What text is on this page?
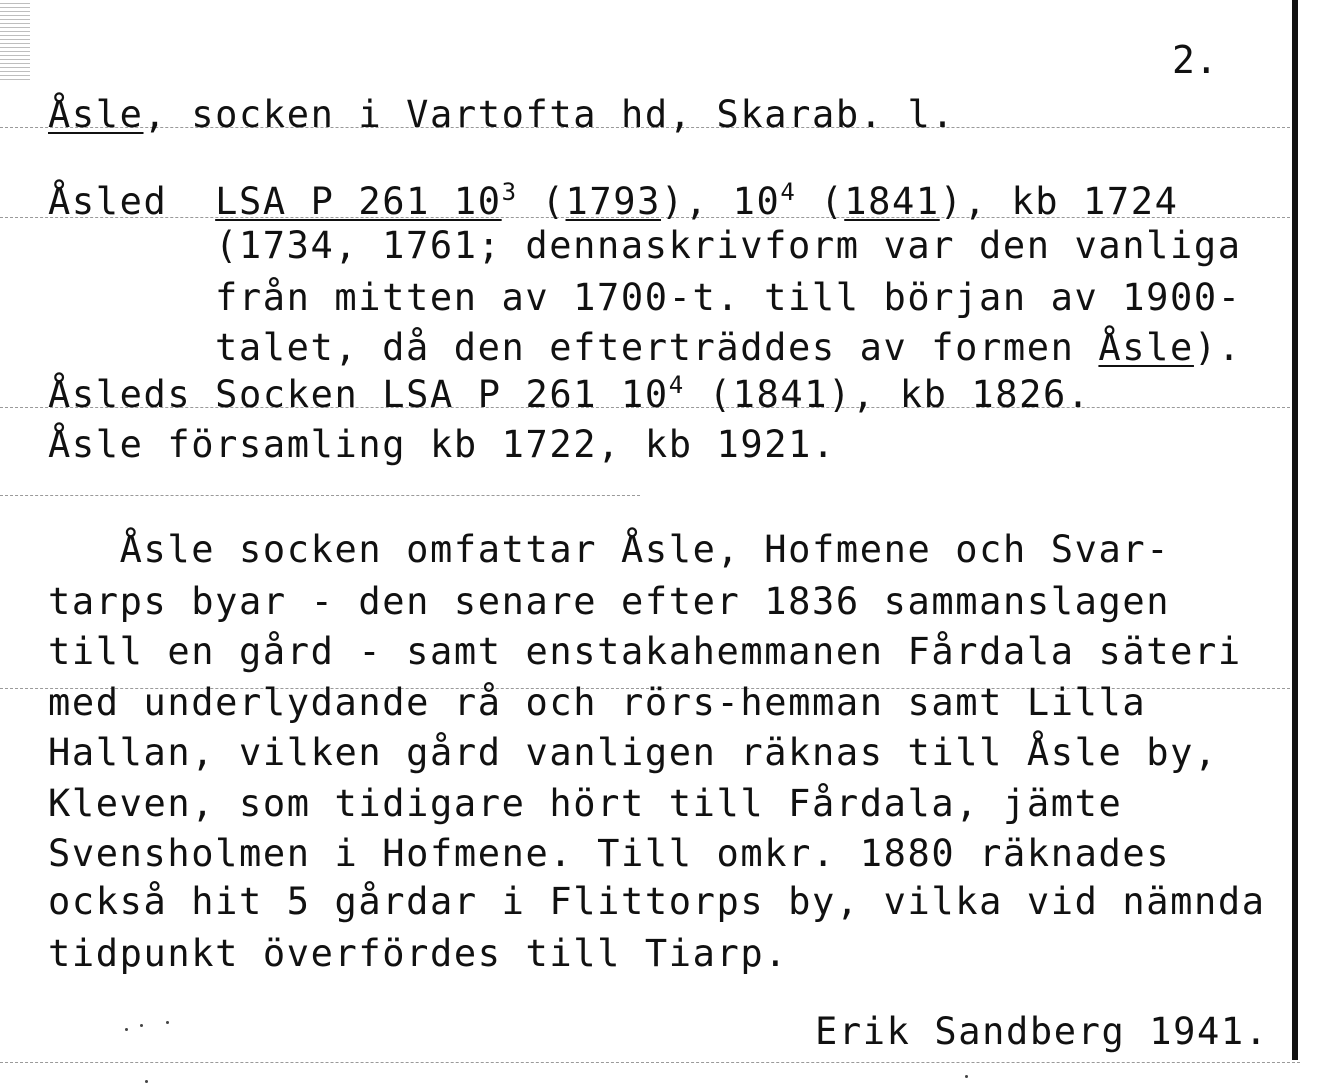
2.
Åsle, socken i Vartofta hd, Skarab. l.
Åsled LSA P 261 $10^3$ (1793), $10^4$ (1841), kb 1724
(1734, 1761; dennaskrivform var den vanliga
från mitten av 1700-t. till början av 1900-
talet, då den efterträddes av formen Åsle).
Åsleds Socken LSA P 261 $10^4$ (1841), kb 1826.
Åsle församling kb 1722, kb 1921.
Åsle socken omfattar Åsle, Hofmene och Svar-
tarps byar - den senare efter 1836 sammanslagen
till en gård - samt enstakahemmanen Fårdala säteri
med underlydande rå och rörs-hemman samt Lilla
Hallan, vilken gård vanligen räknas till Åsle by,
Kleven, som tidigare hört till Fårdala, jämte
Svensholmen i Hofmene. Till omkr. 1880 räknades
också hit 5 gårdar i Flittorps by, vilka vid nämnda
tidpunkt överfördes till Tiarp.
Erik Sandberg 1941.
